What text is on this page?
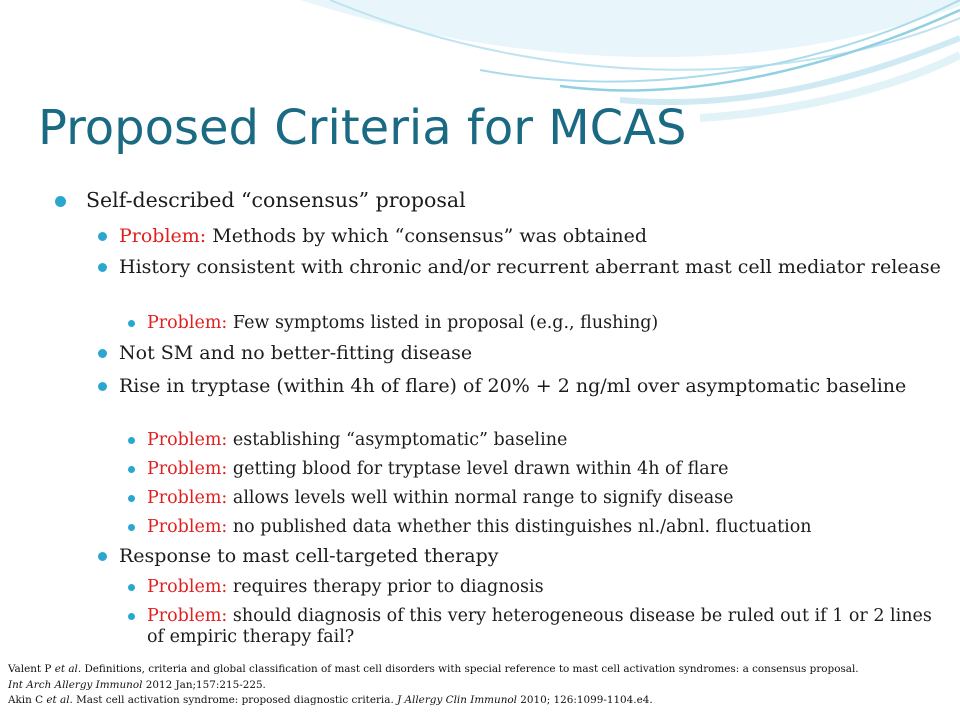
Proposed Criteria for MCAS
Self-described “consensus” proposal
Problem: Methods by which “consensus” was obtained
History consistent with chronic and/or recurrent aberrant mast cell mediator release
Problem: Few symptoms listed in proposal (e.g., flushing)
Not SM and no better-fitting disease
Rise in tryptase (within 4h of flare) of 20% + 2 ng/ml over asymptomatic baseline
Problem: establishing “asymptomatic” baseline
Problem: getting blood for tryptase level drawn within 4h of flare
Problem: allows levels well within normal range to signify disease
Problem: no published data whether this distinguishes nl./abnl. fluctuation
Response to mast cell-targeted therapy
Problem: requires therapy prior to diagnosis
Problem: should diagnosis of this very heterogeneous disease be ruled out if 1 or 2 lines of empiric therapy fail?
Valent P et al. Definitions, criteria and global classification of mast cell disorders with special reference to mast cell activation syndromes: a consensus proposal.
Int Arch Allergy Immunol 2012 Jan;157:215-225.
Akin C et al. Mast cell activation syndrome: proposed diagnostic criteria. J Allergy Clin Immunol 2010; 126:1099-1104.e4.
